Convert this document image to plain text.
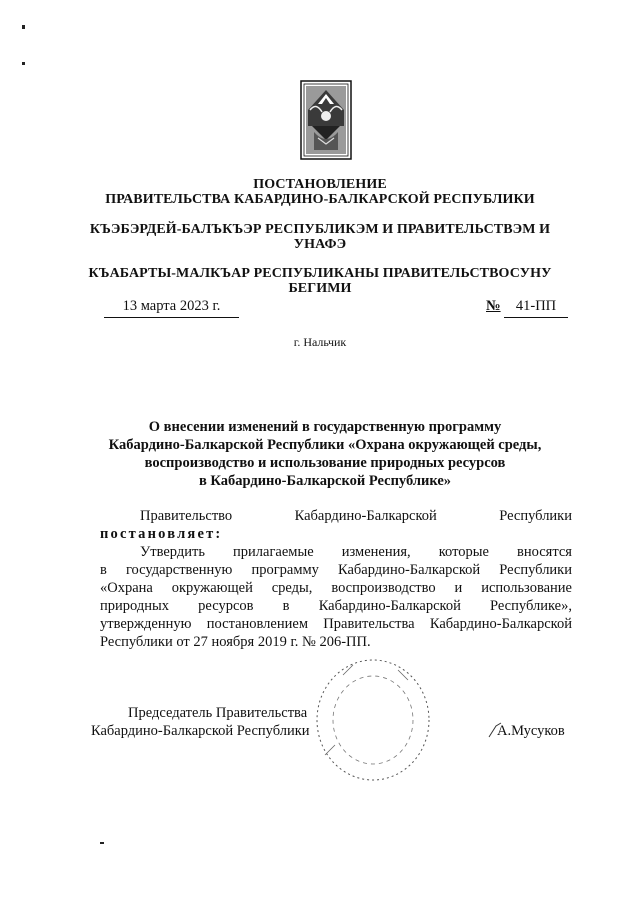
ПОСТАНОВЛЕНИЕ
ПРАВИТЕЛЬСТВА КАБАРДИНО-БАЛКАРСКОЙ РЕСПУБЛИКИ
КЪЭБЭРДЕЙ-БАЛЪКЪЭР РЕСПУБЛИКЭМ И ПРАВИТЕЛЬСТВЭМ И
УНАФЭ
КЪАБАРТЫ-МАЛКЪАР РЕСПУБЛИКАНЫ ПРАВИТЕЛЬСТВОСУНУ
БЕГИМИ
13 марта 2023 г.	№	41-ПП
г. Нальчик
О внесении изменений в государственную программу
Кабардино-Балкарской Республики «Охрана окружающей среды,
воспроизводство и использование природных ресурсов
в Кабардино-Балкарской Республике»
Правительство	Кабардино-Балкарской	Республики
постановляет:
Утвердить прилагаемые изменения, которые вносятся
в государственную программу Кабардино-Балкарской Республики
«Охрана окружающей среды, воспроизводство и использование
природных ресурсов в Кабардино-Балкарской Республике»,
утвержденную постановлением Правительства Кабардино-Балкарской
Республики от 27 ноября 2019 г. № 206-ПП.
Председатель Правительства
Кабардино-Балкарской Республики	А.Мусуков
